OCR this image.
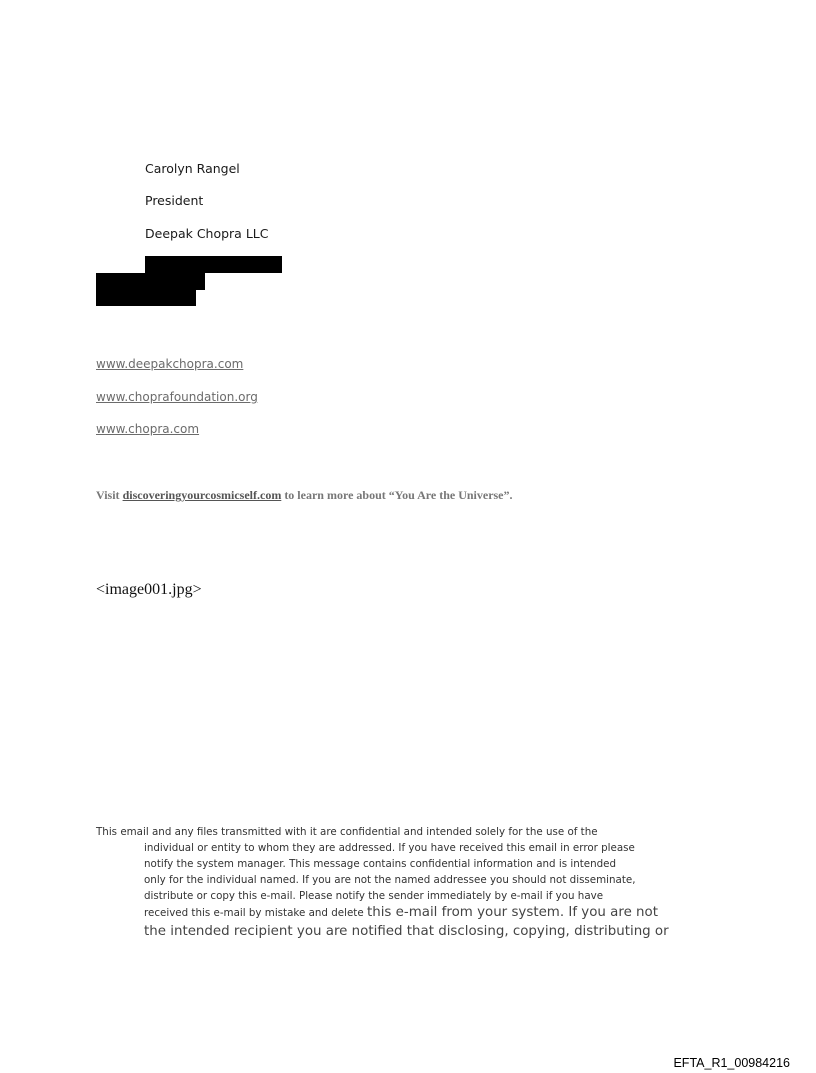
Carolyn Rangel
President
Deepak Chopra LLC
www.deepakchopra.com
www.choprafoundation.org
www.chopra.com
Visit discoveringyourcosmicself.com to learn more about “You Are the Universe”.
<image001.jpg>
This email and any files transmitted with it are confidential and intended solely for the use of the
individual or entity to whom they are addressed. If you have received this email in error please
notify the system manager. This message contains confidential information and is intended
only for the individual named. If you are not the named addressee you should not disseminate,
distribute or copy this e-mail. Please notify the sender immediately by e-mail if you have
received this e-mail by mistake and delete this e-mail from your system. If you are not
the intended recipient you are notified that disclosing, copying, distributing or
EFTA_R1_00984216
